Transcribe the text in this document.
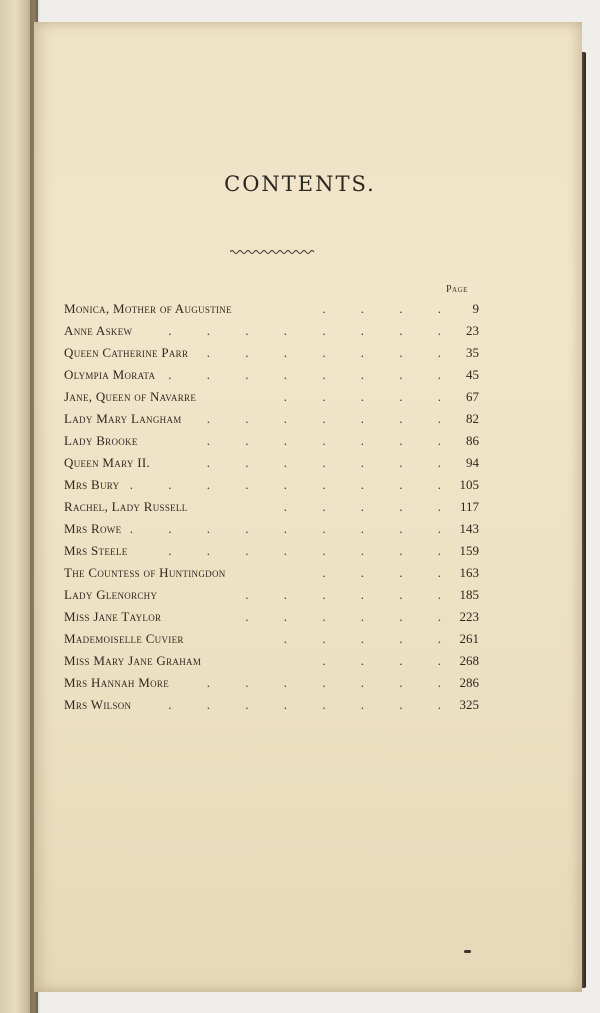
CONTENTS.
Page
Monica, Mother of Augustine	. . . . 9
Anne Askew	. . . . . . . . 23
Queen Catherine Parr . . . . . . . 35
Olympia Morata . . . . . . . . 45
Jane, Queen of Navarre	. . . . . 67
Lady Mary Langham . . . . . . . 82
Lady Brooke	. . . . . . . 86
Queen Mary II.	. . . . . . . 94
Mrs Bury . . . . . . . . . 105
Rachel, Lady Russell	. . . . . 117
Mrs Rowe . . . . . . . . . 143
Mrs Steele	. . . . . . . . 159
The Countess of Huntingdon	. . . . 163
Lady Glenorchy	. . . . . . 185
Miss Jane Taylor	. . . . . . 223
Mademoiselle Cuvier	. . . . . 261
Miss Mary Jane Graham	. . . . 268
Mrs Hannah More	. . . . . . . 286
Mrs Wilson	. . . . . . . . 325
